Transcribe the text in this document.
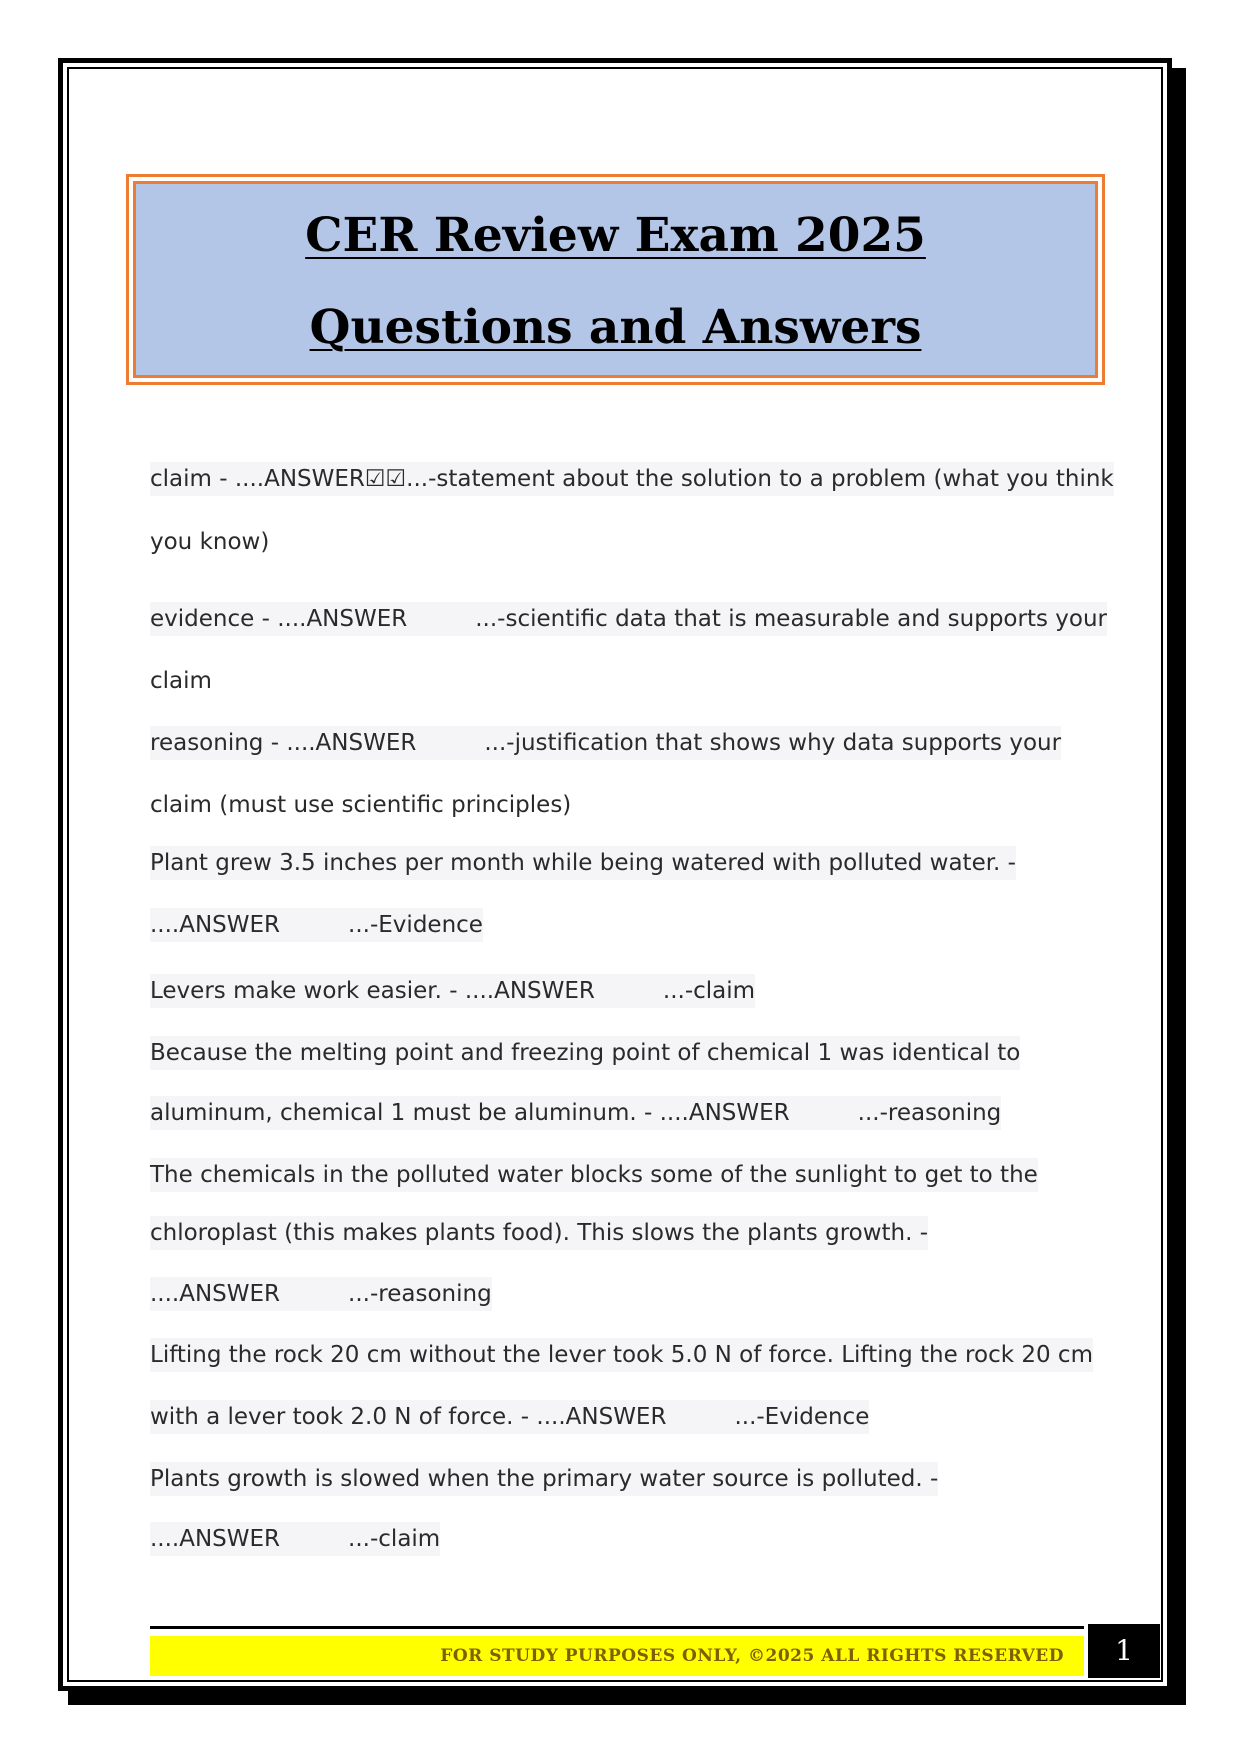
CER Review Exam 2025 Questions and Answers
claim - ....ANSWER☑☑...-statement about the solution to a problem (what you think
you know)
evidence - ....ANSWER	...-scientific data that is measurable and supports your
claim
reasoning - ....ANSWER	...-justification that shows why data supports your
claim (must use scientific principles)
Plant grew 3.5 inches per month while being watered with polluted water. -
....ANSWER	...-Evidence
Levers make work easier. - ....ANSWER	...-claim
Because the melting point and freezing point of chemical 1 was identical to
aluminum, chemical 1 must be aluminum. - ....ANSWER	...-reasoning
The chemicals in the polluted water blocks some of the sunlight to get to the
chloroplast (this makes plants food). This slows the plants growth. -
....ANSWER	...-reasoning
Lifting the rock 20 cm without the lever took 5.0 N of force. Lifting the rock 20 cm
with a lever took 2.0 N of force. - ....ANSWER	...-Evidence
Plants growth is slowed when the primary water source is polluted. -
....ANSWER	...-claim
FOR STUDY PURPOSES ONLY, ©2025 ALL RIGHTS RESERVED	1
